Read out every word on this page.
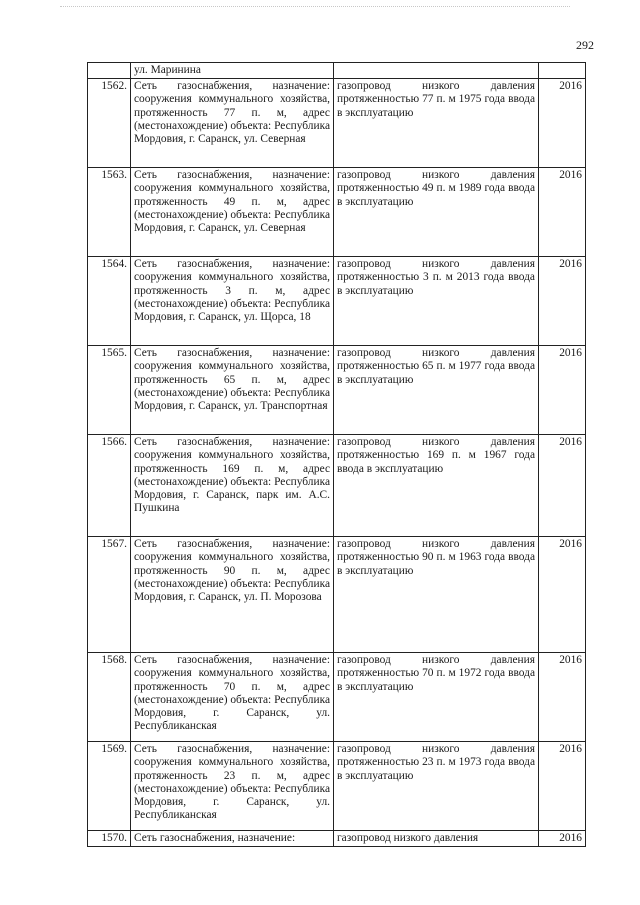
292
	ул. Маринина		
1562.	Сеть газоснабжения, назначение: сооружения коммунального хозяйства, протяженность 77 п. м, адрес (местонахождение) объекта: Республика Мордовия, г. Саранск, ул. Северная	газопровод низкого давления протяженностью 77 п. м 1975 года ввода в эксплуатацию	2016
1563.	Сеть газоснабжения, назначение: сооружения коммунального хозяйства, протяженность 49 п. м, адрес (местонахождение) объекта: Республика Мордовия, г. Саранск, ул. Северная	газопровод низкого давления протяженностью 49 п. м 1989 года ввода в эксплуатацию	2016
1564.	Сеть газоснабжения, назначение: сооружения коммунального хозяйства, протяженность 3 п. м, адрес (местонахождение) объекта: Республика Мордовия, г. Саранск, ул. Щорса, 18	газопровод низкого давления протяженностью 3 п. м 2013 года ввода в эксплуатацию	2016
1565.	Сеть газоснабжения, назначение: сооружения коммунального хозяйства, протяженность 65 п. м, адрес (местонахождение) объекта: Республика Мордовия, г. Саранск, ул. Транспортная	газопровод низкого давления протяженностью 65 п. м 1977 года ввода в эксплуатацию	2016
1566.	Сеть газоснабжения, назначение: сооружения коммунального хозяйства, протяженность 169 п. м, адрес (местонахождение) объекта: Республика Мордовия, г. Саранск, парк им. А.С. Пушкина	газопровод низкого давления протяженностью 169 п. м 1967 года ввода в эксплуатацию	2016
1567.	Сеть газоснабжения, назначение: сооружения коммунального хозяйства, протяженность 90 п. м, адрес (местонахождение) объекта: Республика Мордовия, г. Саранск, ул. П. Морозова	газопровод низкого давления протяженностью 90 п. м 1963 года ввода в эксплуатацию	2016
1568.	Сеть газоснабжения, назначение: сооружения коммунального хозяйства, протяженность 70 п. м, адрес (местонахождение) объекта: Республика Мордовия, г. Саранск, ул. Республиканская	газопровод низкого давления протяженностью 70 п. м 1972 года ввода в эксплуатацию	2016
1569.	Сеть газоснабжения, назначение: сооружения коммунального хозяйства, протяженность 23 п. м, адрес (местонахождение) объекта: Республика Мордовия, г. Саранск, ул. Республиканская	газопровод низкого давления протяженностью 23 п. м 1973 года ввода в эксплуатацию	2016
1570.	Сеть газоснабжения, назначение:	газопровод низкого давления	2016
